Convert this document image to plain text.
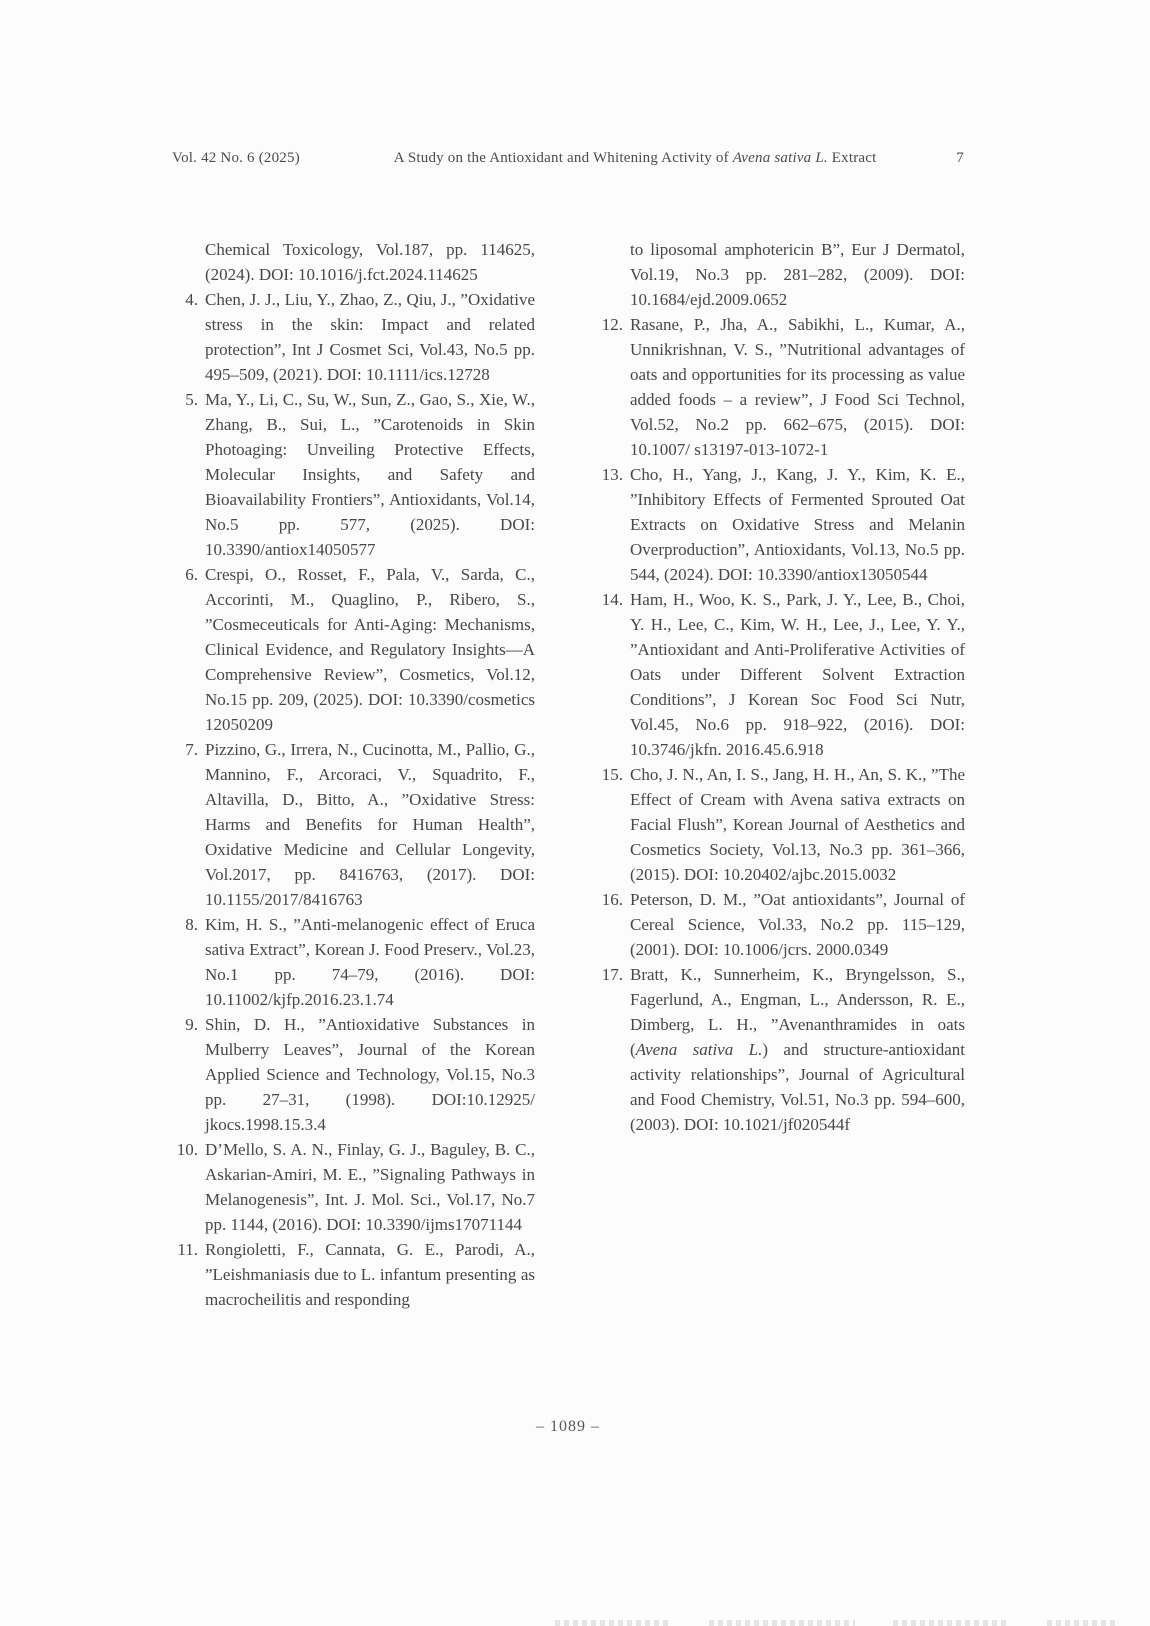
Vol. 42 No. 6 (2025)	A Study on the Antioxidant and Whitening Activity of Avena sativa L. Extract	7
Chemical Toxicology, Vol.187, pp. 114625, (2024). DOI: 10.1016/j.fct.2024.114625
4. Chen, J. J., Liu, Y., Zhao, Z., Qiu, J., ”Oxidative stress in the skin: Impact and related protection”, Int J Cosmet Sci, Vol.43, No.5 pp. 495–509, (2021). DOI: 10.1111/ics.12728
5. Ma, Y., Li, C., Su, W., Sun, Z., Gao, S., Xie, W., Zhang, B., Sui, L., ”Carotenoids in Skin Photoaging: Unveiling Protective Effects, Molecular Insights, and Safety and Bioavailability Frontiers”, Antioxidants, Vol.14, No.5 pp. 577, (2025). DOI: 10.3390/antiox14050577
6. Crespi, O., Rosset, F., Pala, V., Sarda, C., Accorinti, M., Quaglino, P., Ribero, S., ”Cosmeceuticals for Anti-Aging: Mechanisms, Clinical Evidence, and Regulatory Insights—A Comprehensive Review”, Cosmetics, Vol.12, No.15 pp. 209, (2025). DOI: 10.3390/cosmetics 12050209
7. Pizzino, G., Irrera, N., Cucinotta, M., Pallio, G., Mannino, F., Arcoraci, V., Squadrito, F., Altavilla, D., Bitto, A., ”Oxidative Stress: Harms and Benefits for Human Health”, Oxidative Medicine and Cellular Longevity, Vol.2017, pp. 8416763, (2017). DOI: 10.1155/2017/8416763
8. Kim, H. S., ”Anti-melanogenic effect of Eruca sativa Extract”, Korean J. Food Preserv., Vol.23, No.1 pp. 74–79, (2016). DOI: 10.11002/kjfp.2016.23.1.74
9. Shin, D. H., ”Antioxidative Substances in Mulberry Leaves”, Journal of the Korean Applied Science and Technology, Vol.15, No.3 pp. 27–31, (1998). DOI:10.12925/ jkocs.1998.15.3.4
10. D’Mello, S. A. N., Finlay, G. J., Baguley, B. C., Askarian-Amiri, M. E., ”Signaling Pathways in Melanogenesis”, Int. J. Mol. Sci., Vol.17, No.7 pp. 1144, (2016). DOI: 10.3390/ijms17071144
11. Rongioletti, F., Cannata, G. E., Parodi, A., ”Leishmaniasis due to L. infantum presenting as macrocheilitis and responding
to liposomal amphotericin B”, Eur J Dermatol, Vol.19, No.3 pp. 281–282, (2009). DOI: 10.1684/ejd.2009.0652
12. Rasane, P., Jha, A., Sabikhi, L., Kumar, A., Unnikrishnan, V. S., ”Nutritional advantages of oats and opportunities for its processing as value added foods – a review”, J Food Sci Technol, Vol.52, No.2 pp. 662–675, (2015). DOI: 10.1007/ s13197-013-1072-1
13. Cho, H., Yang, J., Kang, J. Y., Kim, K. E., ”Inhibitory Effects of Fermented Sprouted Oat Extracts on Oxidative Stress and Melanin Overproduction”, Antioxidants, Vol.13, No.5 pp. 544, (2024). DOI: 10.3390/antiox13050544
14. Ham, H., Woo, K. S., Park, J. Y., Lee, B., Choi, Y. H., Lee, C., Kim, W. H., Lee, J., Lee, Y. Y., ”Antioxidant and Anti-Proliferative Activities of Oats under Different Solvent Extraction Conditions”, J Korean Soc Food Sci Nutr, Vol.45, No.6 pp. 918–922, (2016). DOI: 10.3746/jkfn. 2016.45.6.918
15. Cho, J. N., An, I. S., Jang, H. H., An, S. K., ”The Effect of Cream with Avena sativa extracts on Facial Flush”, Korean Journal of Aesthetics and Cosmetics Society, Vol.13, No.3 pp. 361–366, (2015). DOI: 10.20402/ajbc.2015.0032
16. Peterson, D. M., ”Oat antioxidants”, Journal of Cereal Science, Vol.33, No.2 pp. 115–129, (2001). DOI: 10.1006/jcrs. 2000.0349
17. Bratt, K., Sunnerheim, K., Bryngelsson, S., Fagerlund, A., Engman, L., Andersson, R. E., Dimberg, L. H., ”Avenanthramides in oats (Avena sativa L.) and structure-antioxidant activity relationships”, Journal of Agricultural and Food Chemistry, Vol.51, No.3 pp. 594–600, (2003). DOI: 10.1021/jf020544f
– 1089 –
